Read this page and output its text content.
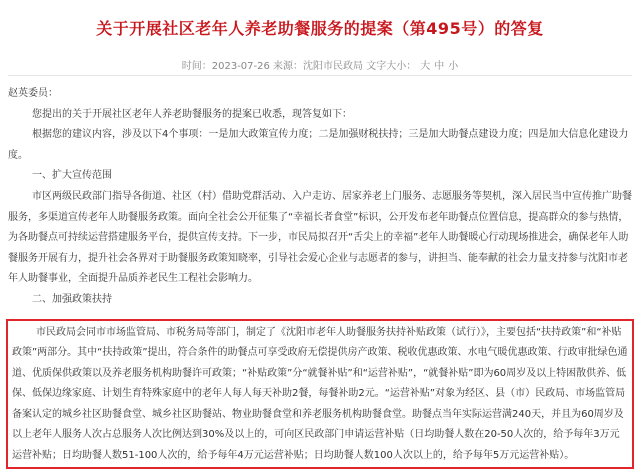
关于开展社区老年人养老助餐服务的提案（第495号）的答复
时间：2023-07-26 来源：沈阳市民政局 文字大小： 大 中 小

赵英委员：

您提出的关于开展社区老年人养老助餐服务的提案已收悉，现答复如下：

根据您的建议内容，涉及以下4个事项：一是加大政策宣传力度；二是加强财税扶持；三是加大助餐点建设力度；四是加大信息化建设力度。

一、扩大宣传范围

市区两级民政部门指导各街道、社区（村）借助党群活动、入户走访、居家养老上门服务、志愿服务等契机，深入居民当中宣传推广助餐服务，多渠道宣传老年人助餐服务政策。面向全社会公开征集了“幸福长者食堂”标识，公开发布老年助餐点位置信息，提高群众的参与热情，为各助餐点可持续运营搭建服务平台，提供宣传支持。下一步，市民局拟召开“舌尖上的幸福”老年人助餐暖心行动现场推进会，确保老年人助餐服务开展有力，提升社会各界对于助餐服务政策知晓率，引导社会爱心企业与志愿者的参与，讲担当、能奉献的社会力量支持参与沈阳市老年人助餐事业，全面提升品质养老民生工程社会影响力。

二、加强政策扶持

市民政局会同市市场监管局、市税务局等部门，制定了《沈阳市老年人助餐服务扶持补贴政策（试行）》，主要包括“扶持政策”和“补贴政策”两部分。其中“扶持政策”提出，符合条件的助餐点可享受政府无偿提供房产政策、税收优惠政策、水电气暖优惠政策、行政审批绿色通道、优质保供政策以及养老服务机构助餐许可政策；“补贴政策”分“就餐补贴”和“运营补贴”，“就餐补贴”即为60周岁及以上特困散供养、低保、低保边缘家庭、计划生育特殊家庭中的老年人每人每天补助2餐，每餐补助2元。“运营补贴”对象为经区、县（市）民政局、市场监管局备案认定的城乡社区助餐食堂、城乡社区助餐站、物业助餐食堂和养老服务机构助餐食堂。助餐点当年实际运营满240天，并且为60周岁及以上老年人服务人次占总服务人次比例达到30%及以上的，可向区民政部门申请运营补贴（日均助餐人数在20-50人次的，给予每年3万元运营补贴；日均助餐人数51-100人次的，给予每年4万元运营补贴；日均助餐人数100人次以上的，给予每年5万元运营补贴）。
